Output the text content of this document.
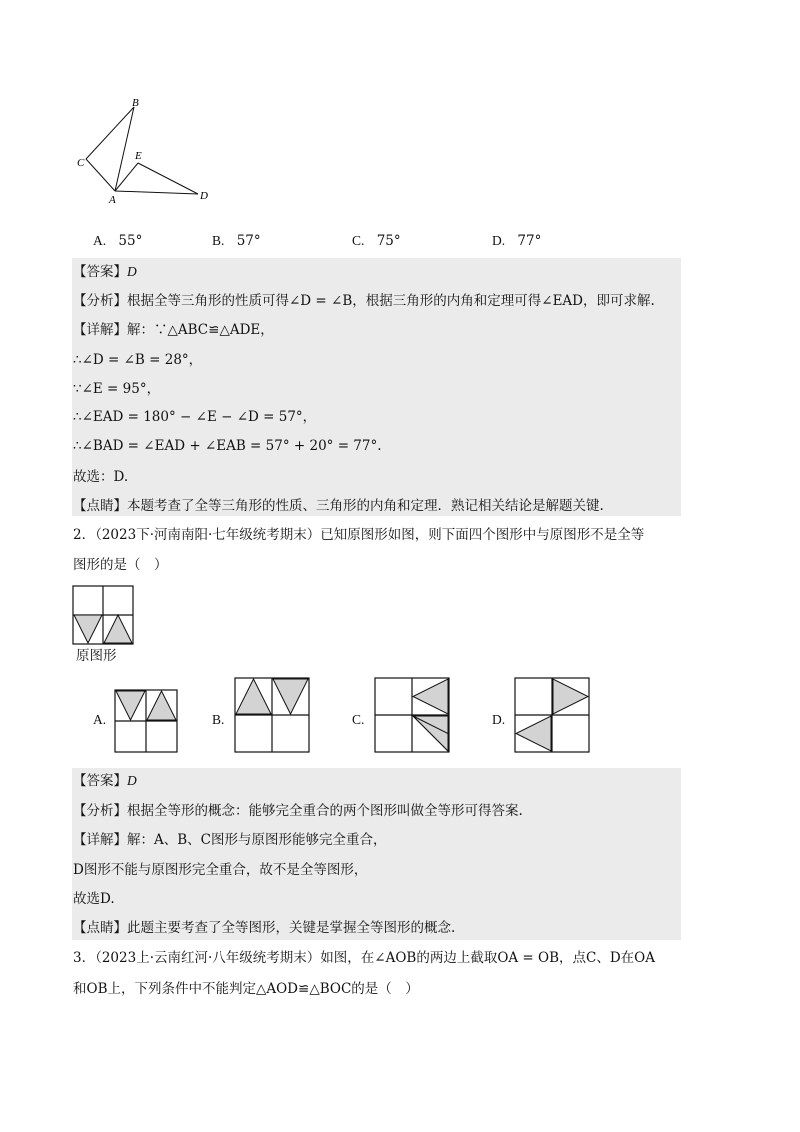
B
C
E
A	D
A. 55°	B. 57°	C. 75°	D. 77°
【答案】D
【分析】根据全等三角形的性质可得∠D = ∠B，根据三角形的内角和定理可得∠EAD，即可求解.
【详解】解：∵△ABC≌△ADE，
∴∠D = ∠B = 28°，
∵∠E = 95°，
∴∠EAD = 180° − ∠E − ∠D = 57°，
∴∠BAD = ∠EAD + ∠EAB = 57° + 20° = 77°.
故选：D.
【点睛】本题考查了全等三角形的性质、三角形的内角和定理．熟记相关结论是解题关键.
2．（2023下·河南南阳·七年级统考期末）已知原图形如图，则下面四个图形中与原图形不是全等
图形的是（　）
原图形
A.	B.	C.	D.
【答案】D
【分析】根据全等形的概念：能够完全重合的两个图形叫做全等形可得答案.
【详解】解：A、B、C图形与原图形能够完全重合，
D图形不能与原图形完全重合，故不是全等图形，
故选D.
【点睛】此题主要考查了全等图形，关键是掌握全等图形的概念.
3．（2023上·云南红河·八年级统考期末）如图，在∠AOB的两边上截取OA = OB，点C、D在OA
和OB上，下列条件中不能判定△AOD≌△BOC的是（　）
